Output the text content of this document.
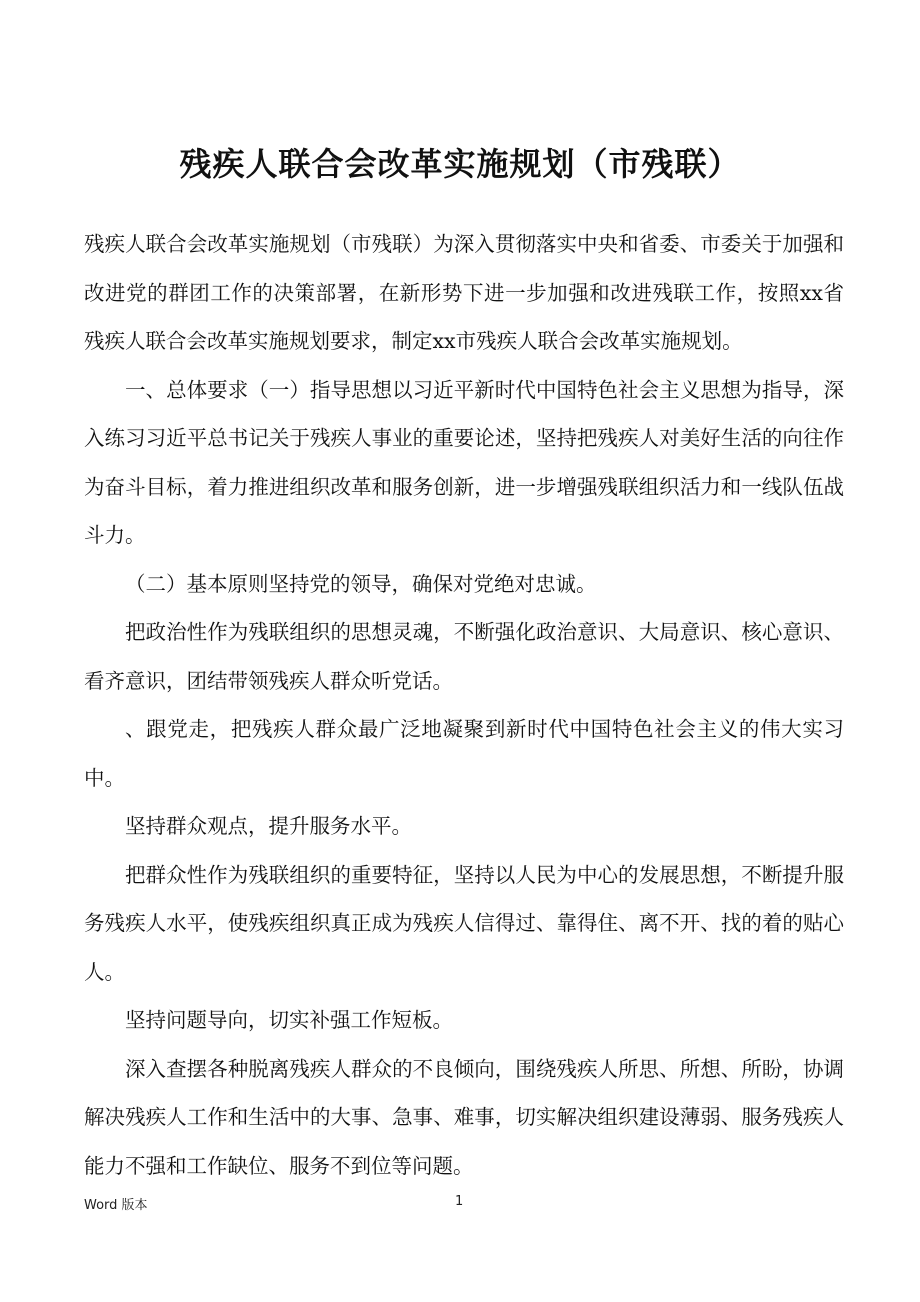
残疾人联合会改革实施规划（市残联）

残疾人联合会改革实施规划（市残联）为深入贯彻落实中央和省委、市委关于加强和改进党的群团工作的决策部署，在新形势下进一步加强和改进残联工作，按照xx省残疾人联合会改革实施规划要求，制定xx市残疾人联合会改革实施规划。

一、总体要求（一）指导思想以习近平新时代中国特色社会主义思想为指导，深入练习习近平总书记关于残疾人事业的重要论述，坚持把残疾人对美好生活的向往作为奋斗目标，着力推进组织改革和服务创新，进一步增强残联组织活力和一线队伍战斗力。

（二）基本原则坚持党的领导，确保对党绝对忠诚。

把政治性作为残联组织的思想灵魂，不断强化政治意识、大局意识、核心意识、看齐意识，团结带领残疾人群众听党话。

、跟党走，把残疾人群众最广泛地凝聚到新时代中国特色社会主义的伟大实习中。

坚持群众观点，提升服务水平。

把群众性作为残联组织的重要特征，坚持以人民为中心的发展思想，不断提升服务残疾人水平，使残疾组织真正成为残疾人信得过、靠得住、离不开、找的着的贴心人。

坚持问题导向，切实补强工作短板。

深入查摆各种脱离残疾人群众的不良倾向，围绕残疾人所思、所想、所盼，协调解决残疾人工作和生活中的大事、急事、难事，切实解决组织建设薄弱、服务残疾人能力不强和工作缺位、服务不到位等问题。

Word 版本	1
